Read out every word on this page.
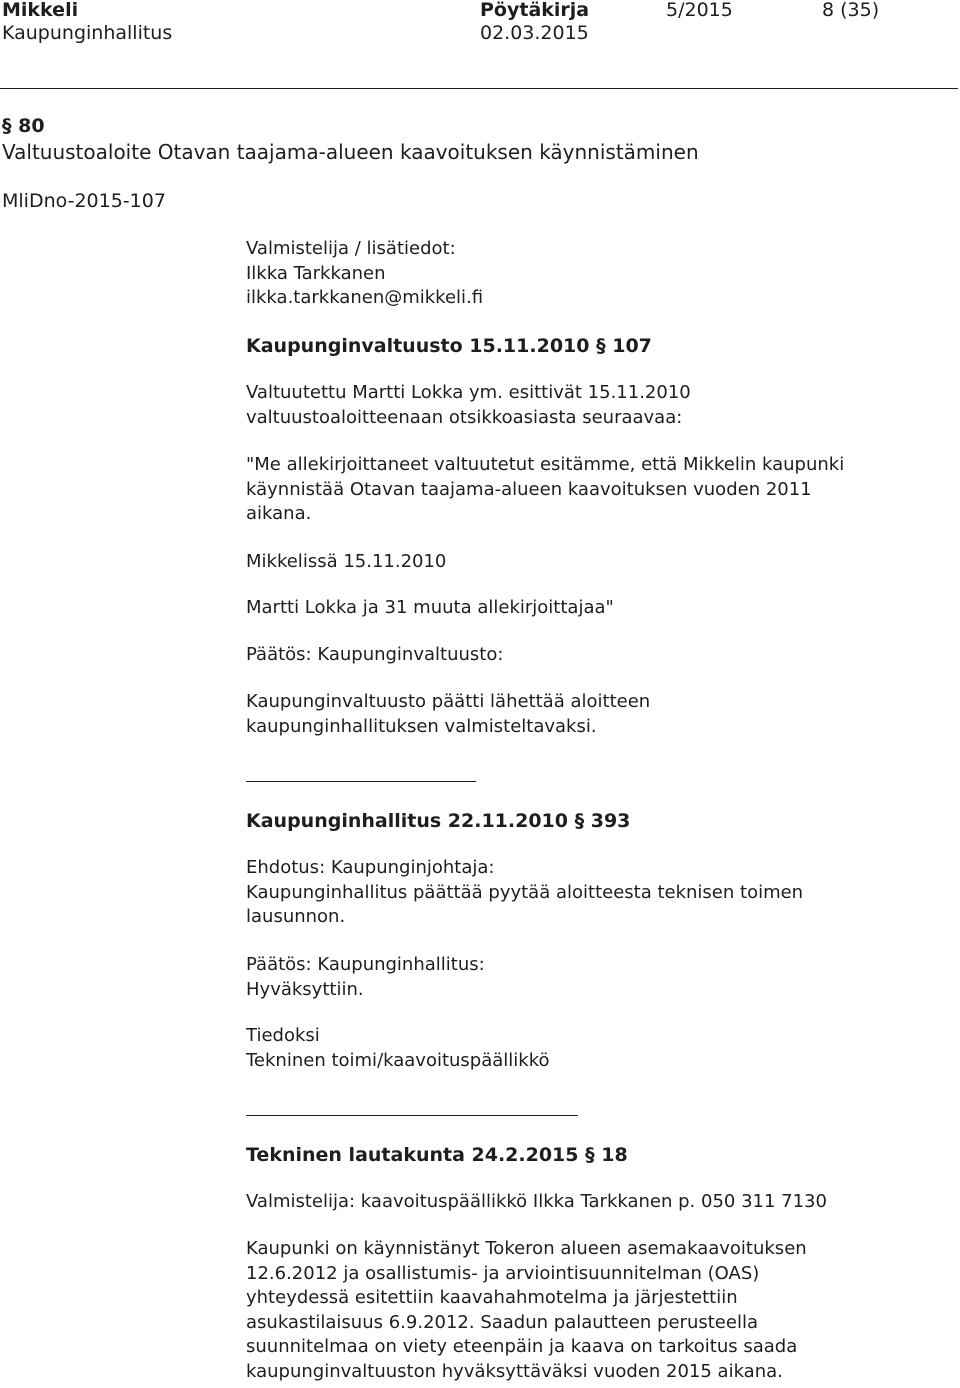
Mikkeli	Pöytäkirja	5/2015	8 (35)
Kaupunginhallitus	02.03.2015
§ 80
Valtuustoaloite Otavan taajama-alueen kaavoituksen käynnistäminen
MliDno-2015-107
Valmistelija / lisätiedot:
Ilkka Tarkkanen
ilkka.tarkkanen@mikkeli.fi
Kaupunginvaltuusto 15.11.2010 § 107
Valtuutettu Martti Lokka ym. esittivät 15.11.2010
valtuustoaloitteenaan otsikkoasiasta seuraavaa:
"Me allekirjoittaneet valtuutetut esitämme, että Mikkelin kaupunki
käynnistää Otavan taajama-alueen kaavoituksen vuoden 2011
aikana.
Mikkelissä 15.11.2010
Martti Lokka ja 31 muuta allekirjoittajaa"
Päätös: Kaupunginvaltuusto:
Kaupunginvaltuusto päätti lähettää aloitteen
kaupunginhallituksen valmisteltavaksi.
Kaupunginhallitus 22.11.2010 § 393
Ehdotus: Kaupunginjohtaja:
Kaupunginhallitus päättää pyytää aloitteesta teknisen toimen
lausunnon.
Päätös: Kaupunginhallitus:
Hyväksyttiin.
Tiedoksi
Tekninen toimi/kaavoituspäällikkö
Tekninen lautakunta 24.2.2015 § 18
Valmistelija: kaavoituspäällikkö Ilkka Tarkkanen p. 050 311 7130
Kaupunki on käynnistänyt Tokeron alueen asemakaavoituksen
12.6.2012 ja osallistumis- ja arviointisuunnitelman (OAS)
yhteydessä esitettiin kaavahahmotelma ja järjestettiin
asukastilaisuus 6.9.2012. Saadun palautteen perusteella
suunnitelmaa on viety eteenpäin ja kaava on tarkoitus saada
kaupunginvaltuuston hyväksyttäväksi vuoden 2015 aikana.
